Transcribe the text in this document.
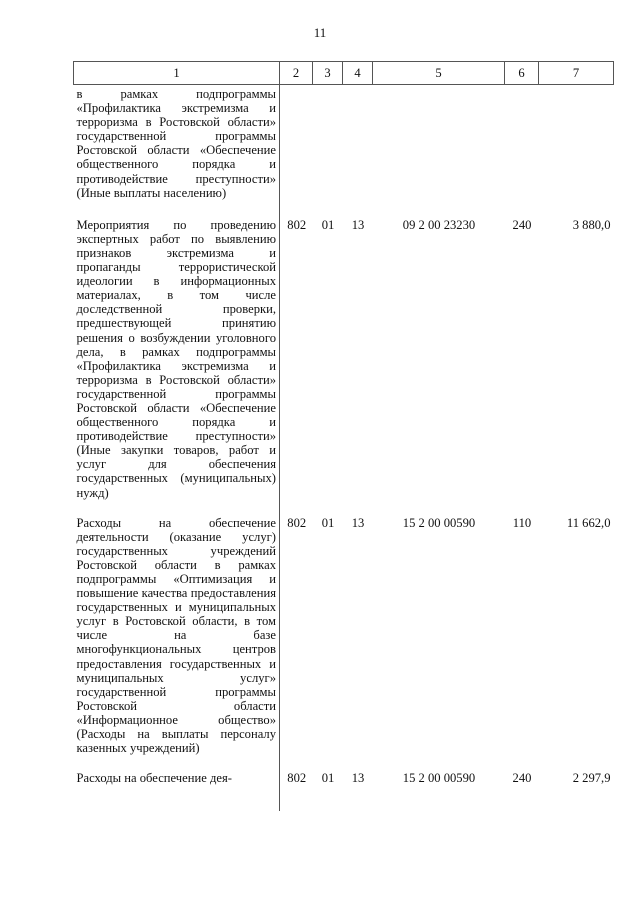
11
1	2	3	4	5	6	7

в рамках подпрограммы «Профилактика экстремизма и терроризма в Ростовской области» государственной программы Ростовской области «Обеспечение общественного порядка и противодействие преступности» (Иные выплаты населению)						

Мероприятия по проведению экспертных работ по выявлению признаков экстремизма и пропаганды террористической идеологии в информационных материалах, в том числе доследственной проверки, предшествующей принятию решения о возбуждении уголовного дела, в рамках подпрограммы «Профилактика экстремизма и терроризма в Ростовской области» государственной программы Ростовской области «Обеспечение общественного порядка и противодействие преступности» (Иные закупки товаров, работ и услуг для обеспечения государственных (муниципальных) нужд)	802	01	13	09 2 00 23230	240	3 880,0

Расходы на обеспечение деятельности (оказание услуг) государственных учреждений Ростовской области в рамках подпрограммы «Оптимизация и повышение качества предоставления государственных и муниципальных услуг в Ростовской области, в том числе на базе многофункциональных центров предоставления государственных и муниципальных услуг» государственной программы Ростовской области «Информационное общество» (Расходы на выплаты персоналу казенных учреждений)	802	01	13	15 2 00 00590	110	11 662,0

Расходы на обеспечение дея-	802	01	13	15 2 00 00590	240	2 297,9
